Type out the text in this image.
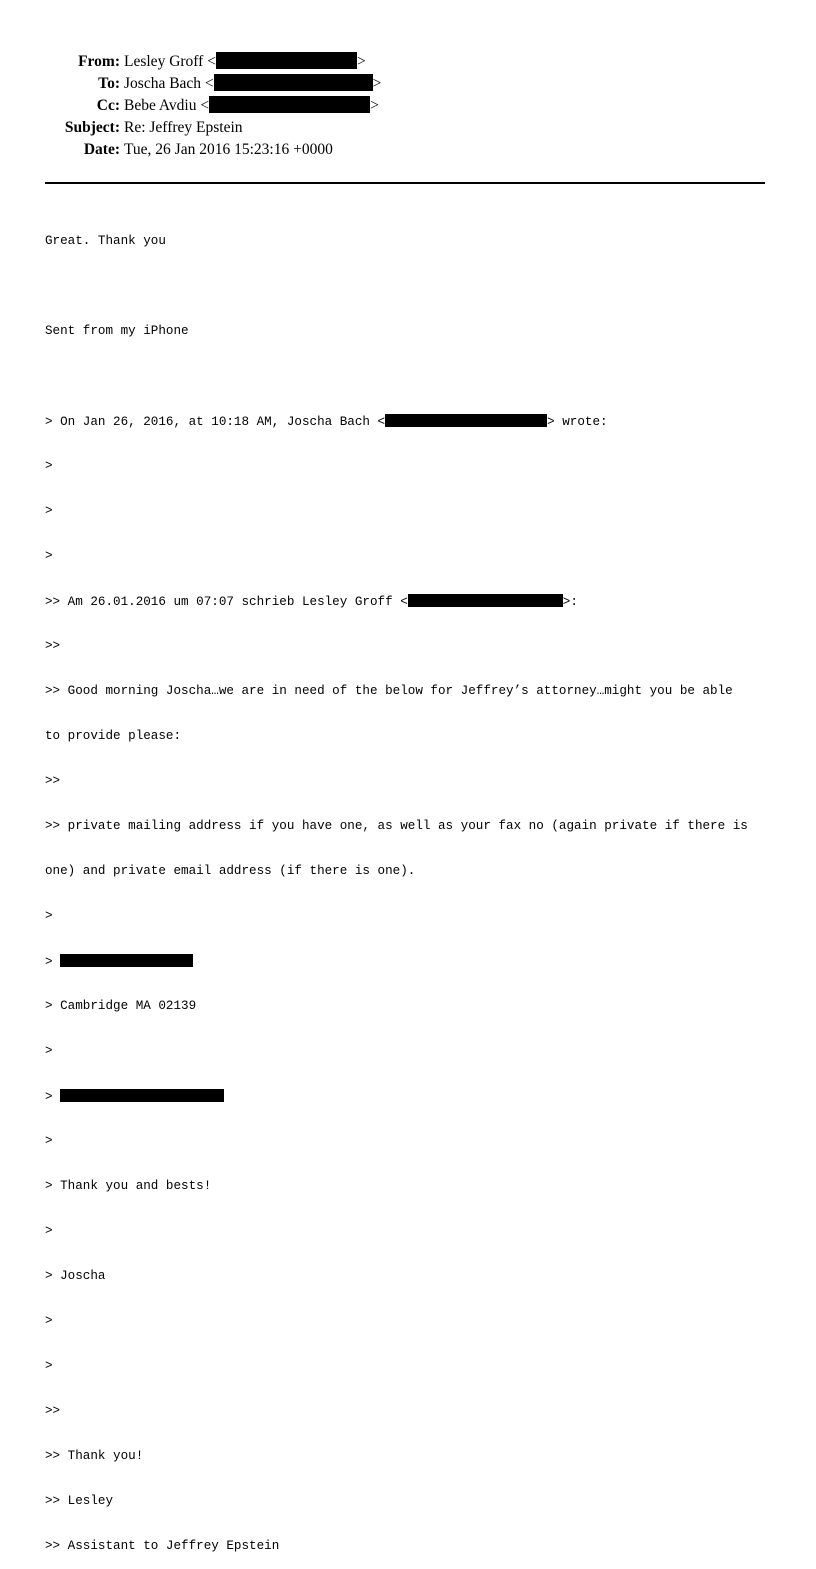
From: Lesley Groff <	>
To: Joscha Bach <	>
Cc: Bebe Avdiu <	>
Subject: Re: Jeffrey Epstein
Date: Tue, 26 Jan 2016 15:23:16 +0000

Great. Thank you

Sent from my iPhone

> On Jan 26, 2016, at 10:18 AM, Joscha Bach <	> wrote:

>

>

>

>> Am 26.01.2016 um 07:07 schrieb Lesley Groff <	>:

>>

>> Good morning Joscha…we are in need of the below for Jeffrey’s attorney…might you be able

to provide please:

>>

>> private mailing address if you have one, as well as your fax no (again private if there is

one) and private email address (if there is one).

>

>

> Cambridge MA 02139

>

>

>

> Thank you and bests!

>

> Joscha

>

>

>>

>> Thank you!

>> Lesley

>> Assistant to Jeffrey Epstein
